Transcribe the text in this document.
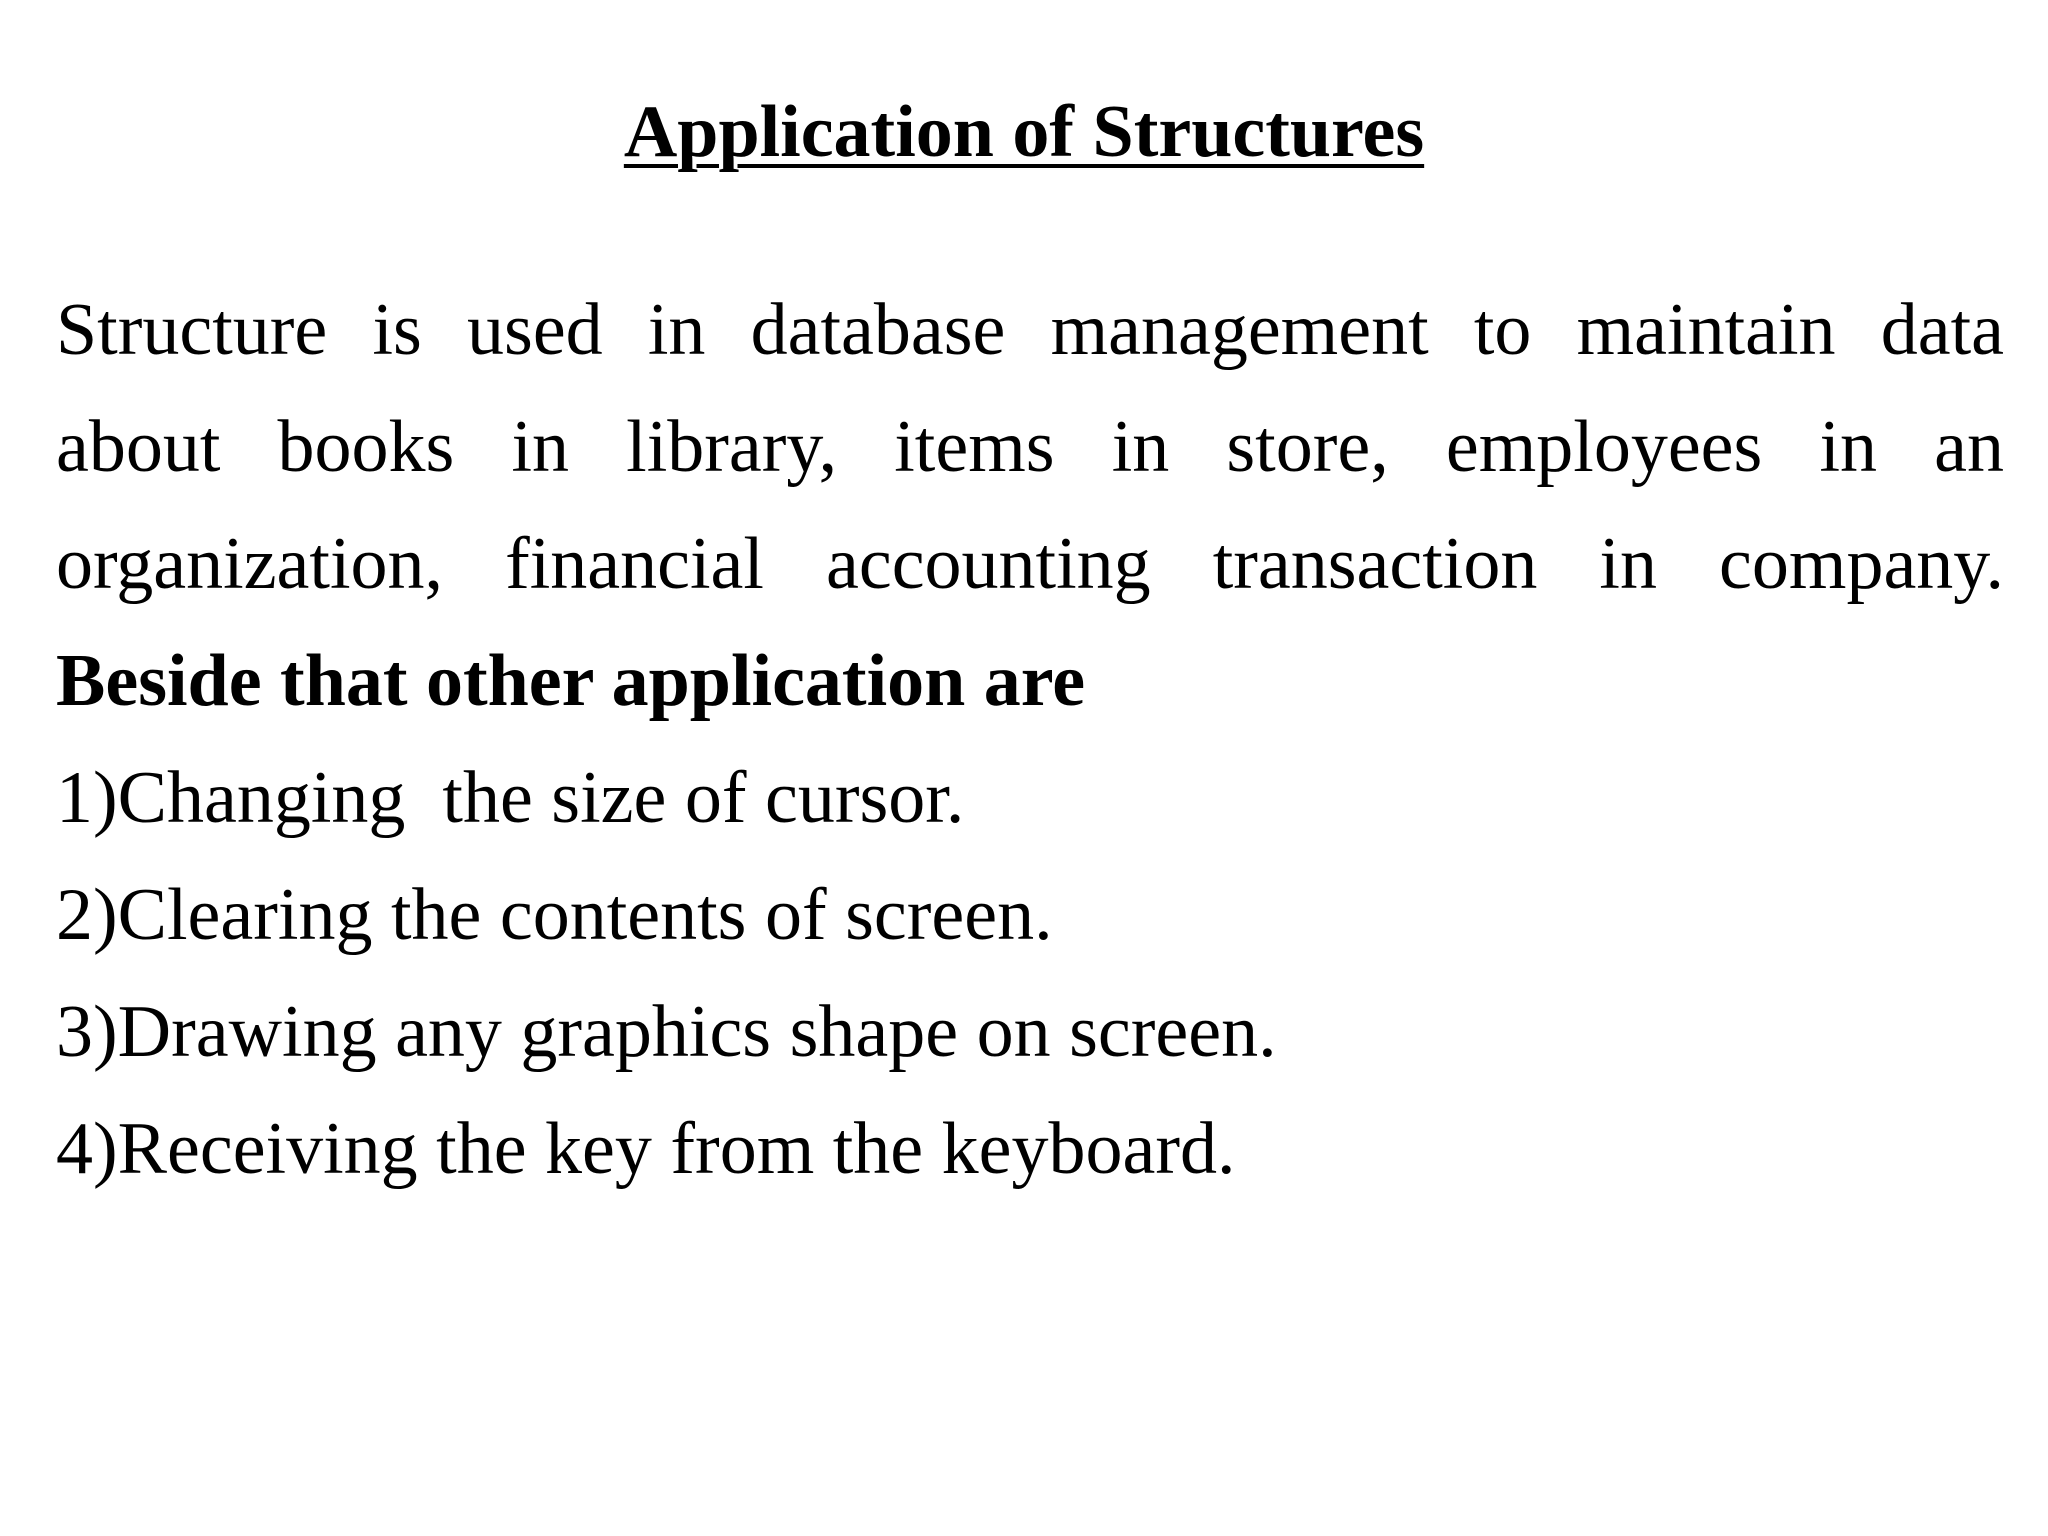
Application of Structures
Structure is used in database management to maintain data
about books in library, items in store, employees in an
organization, financial accounting transaction in company.

Beside that other application are

1)Changing  the size of cursor.
2)Clearing the contents of screen.
3)Drawing any graphics shape on screen.
4)Receiving the key from the keyboard.
